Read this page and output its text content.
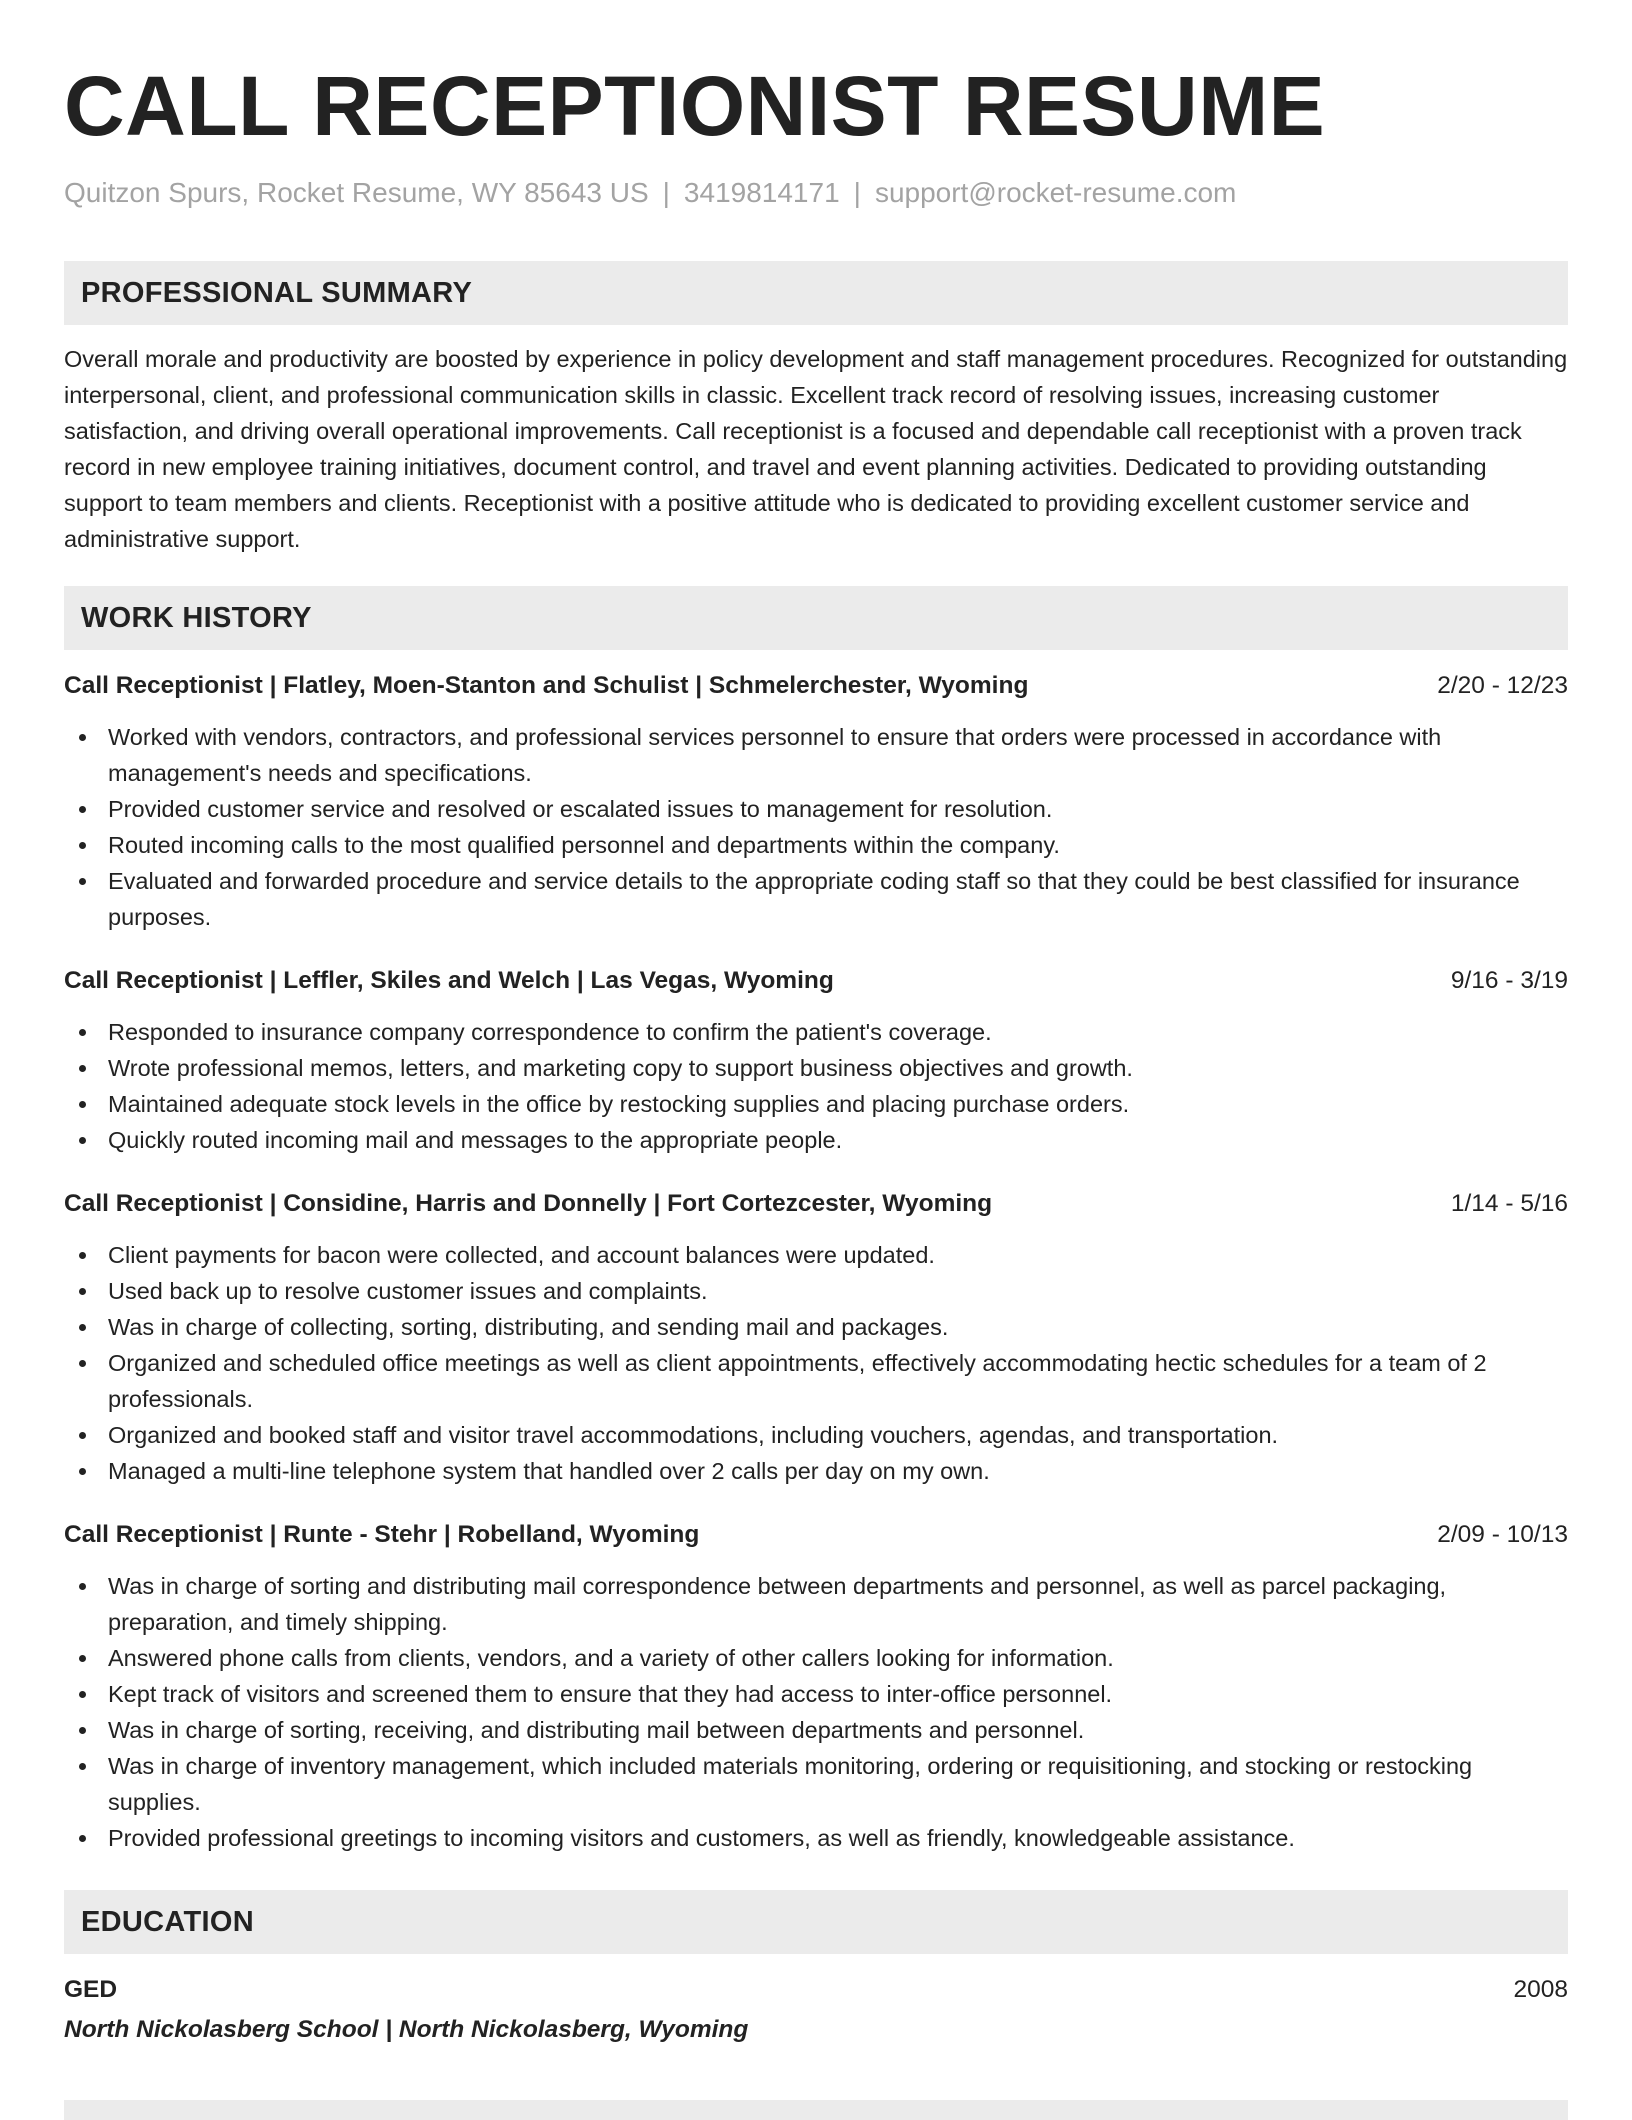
CALL RECEPTIONIST RESUME
Quitzon Spurs, Rocket Resume, WY 85643 US | 3419814171 | support@rocket-resume.com
PROFESSIONAL SUMMARY
Overall morale and productivity are boosted by experience in policy development and staff management procedures. Recognized for outstanding interpersonal, client, and professional communication skills in classic. Excellent track record of resolving issues, increasing customer satisfaction, and driving overall operational improvements. Call receptionist is a focused and dependable call receptionist with a proven track record in new employee training initiatives, document control, and travel and event planning activities. Dedicated to providing outstanding support to team members and clients. Receptionist with a positive attitude who is dedicated to providing excellent customer service and administrative support.
WORK HISTORY
Call Receptionist | Flatley, Moen-Stanton and Schulist | Schmelerchester, Wyoming	2/20 - 12/23
Worked with vendors, contractors, and professional services personnel to ensure that orders were processed in accordance with management's needs and specifications.
Provided customer service and resolved or escalated issues to management for resolution.
Routed incoming calls to the most qualified personnel and departments within the company.
Evaluated and forwarded procedure and service details to the appropriate coding staff so that they could be best classified for insurance purposes.
Call Receptionist | Leffler, Skiles and Welch | Las Vegas, Wyoming	9/16 - 3/19
Responded to insurance company correspondence to confirm the patient's coverage.
Wrote professional memos, letters, and marketing copy to support business objectives and growth.
Maintained adequate stock levels in the office by restocking supplies and placing purchase orders.
Quickly routed incoming mail and messages to the appropriate people.
Call Receptionist | Considine, Harris and Donnelly | Fort Cortezcester, Wyoming	1/14 - 5/16
Client payments for bacon were collected, and account balances were updated.
Used back up to resolve customer issues and complaints.
Was in charge of collecting, sorting, distributing, and sending mail and packages.
Organized and scheduled office meetings as well as client appointments, effectively accommodating hectic schedules for a team of 2 professionals.
Organized and booked staff and visitor travel accommodations, including vouchers, agendas, and transportation.
Managed a multi-line telephone system that handled over 2 calls per day on my own.
Call Receptionist | Runte - Stehr | Robelland, Wyoming	2/09 - 10/13
Was in charge of sorting and distributing mail correspondence between departments and personnel, as well as parcel packaging, preparation, and timely shipping.
Answered phone calls from clients, vendors, and a variety of other callers looking for information.
Kept track of visitors and screened them to ensure that they had access to inter-office personnel.
Was in charge of sorting, receiving, and distributing mail between departments and personnel.
Was in charge of inventory management, which included materials monitoring, ordering or requisitioning, and stocking or restocking supplies.
Provided professional greetings to incoming visitors and customers, as well as friendly, knowledgeable assistance.
EDUCATION
GED	2008
North Nickolasberg School | North Nickolasberg, Wyoming
